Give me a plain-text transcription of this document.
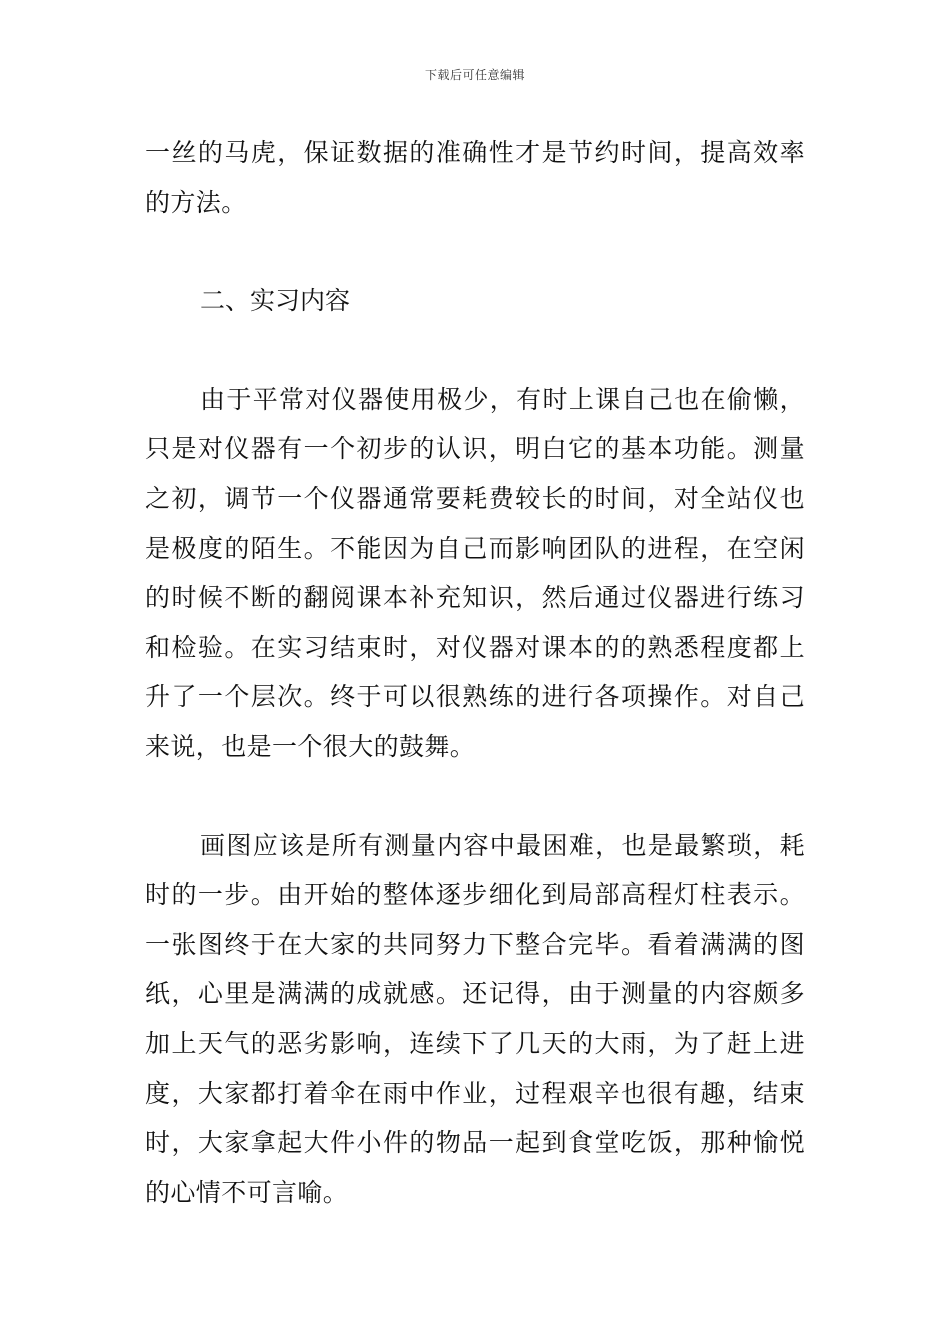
下载后可任意编辑

一丝的马虎，保证数据的准确性才是节约时间，提高效率的方法。

二、实习内容

由于平常对仪器使用极少，有时上课自己也在偷懒，只是对仪器有一个初步的认识，明白它的基本功能。测量之初，调节一个仪器通常要耗费较长的时间，对全站仪也是极度的陌生。不能因为自己而影响团队的进程，在空闲的时候不断的翻阅课本补充知识，然后通过仪器进行练习和检验。在实习结束时，对仪器对课本的的熟悉程度都上升了一个层次。终于可以很熟练的进行各项操作。对自己来说，也是一个很大的鼓舞。

画图应该是所有测量内容中最困难，也是最繁琐，耗时的一步。由开始的整体逐步细化到局部高程灯柱表示。一张图终于在大家的共同努力下整合完毕。看着满满的图纸，心里是满满的成就感。还记得，由于测量的内容颇多加上天气的恶劣影响，连续下了几天的大雨，为了赶上进度，大家都打着伞在雨中作业，过程艰辛也很有趣，结束时，大家拿起大件小件的物品一起到食堂吃饭，那种愉悦的心情不可言喻。
